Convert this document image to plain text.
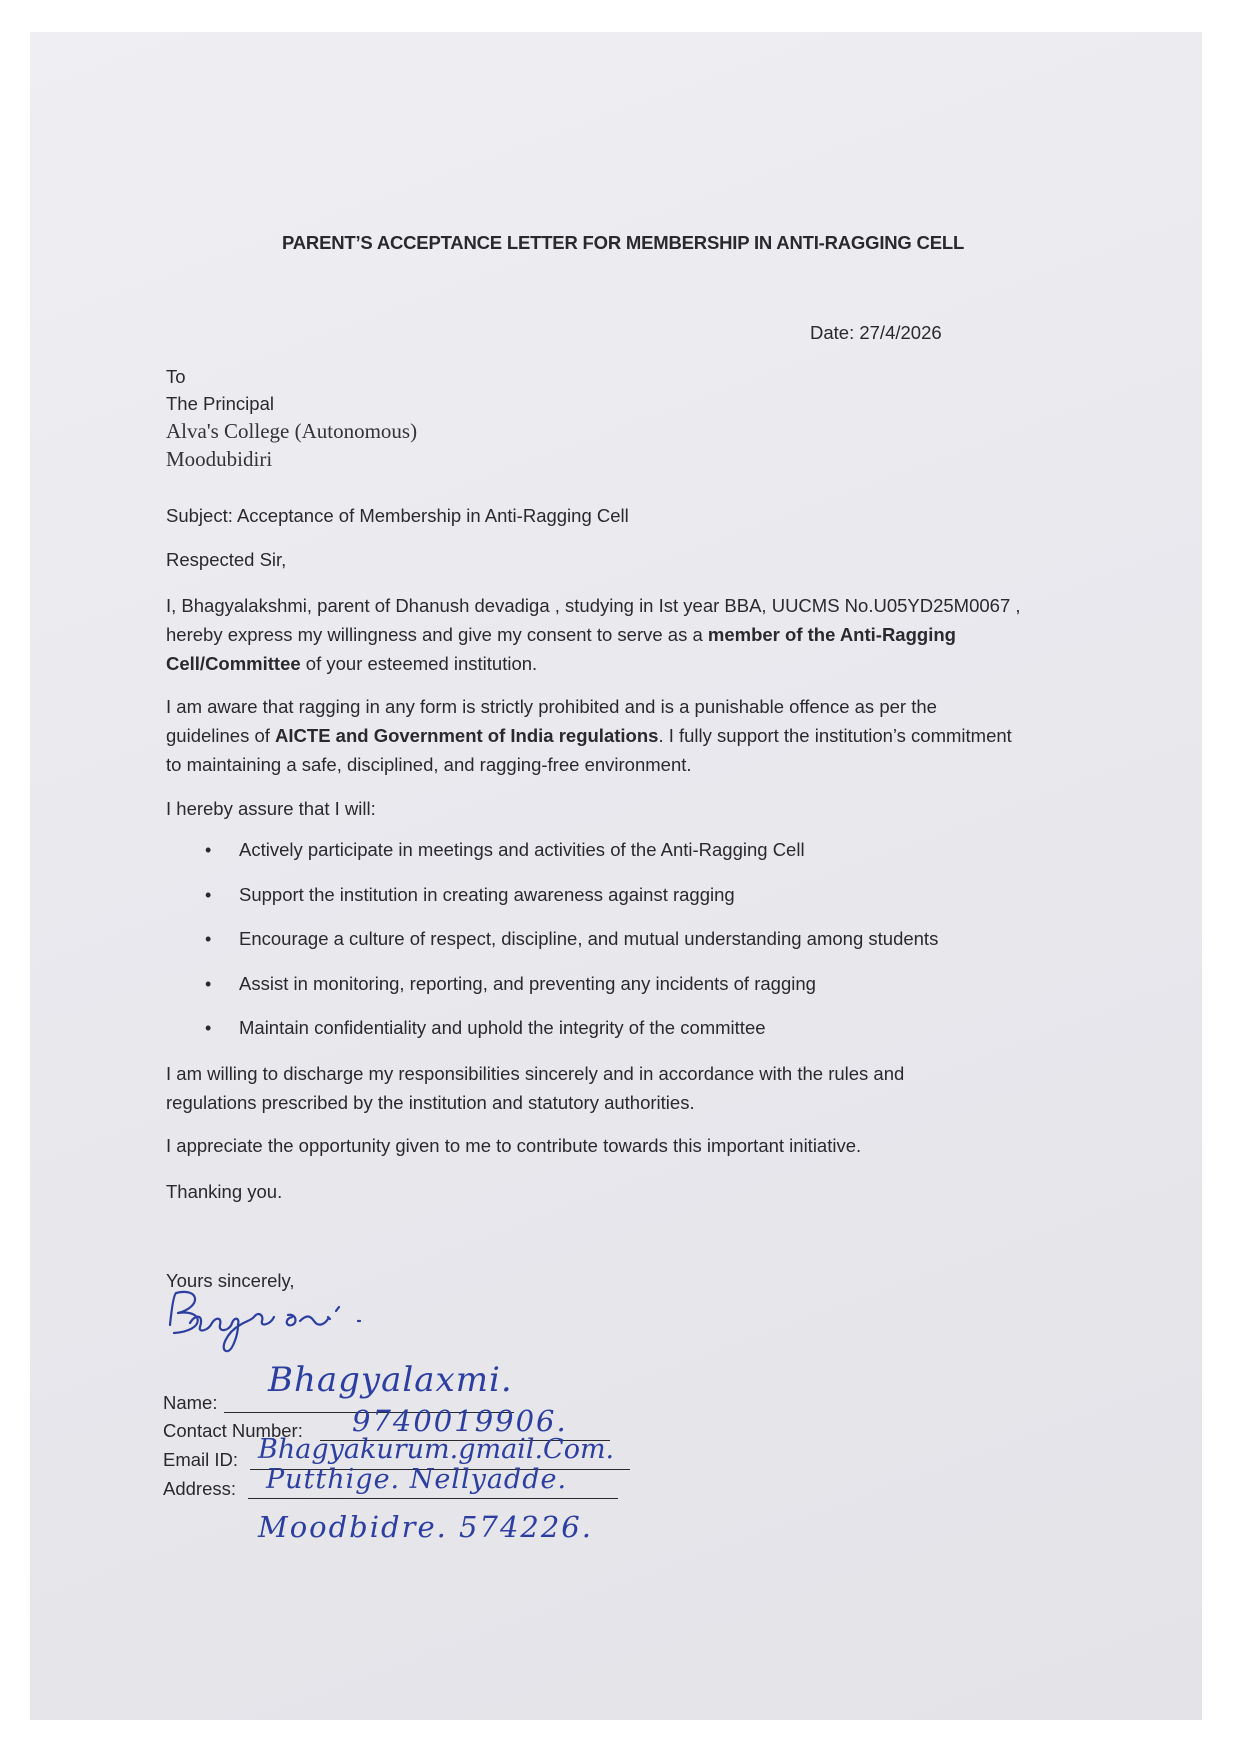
PARENT’S ACCEPTANCE LETTER FOR MEMBERSHIP IN ANTI-RAGGING CELL
Date: 27/4/2026
To
The Principal
Alva's College (Autonomous)
Moodubidiri
Subject: Acceptance of Membership in Anti-Ragging Cell
Respected Sir,
I, Bhagyalakshmi, parent of Dhanush devadiga , studying in Ist year BBA, UUCMS No.U05YD25M0067 , hereby express my willingness and give my consent to serve as a member of the Anti-Ragging Cell/Committee of your esteemed institution.
I am aware that ragging in any form is strictly prohibited and is a punishable offence as per the guidelines of AICTE and Government of India regulations. I fully support the institution’s commitment to maintaining a safe, disciplined, and ragging-free environment.
I hereby assure that I will:
• Actively participate in meetings and activities of the Anti-Ragging Cell
• Support the institution in creating awareness against ragging
• Encourage a culture of respect, discipline, and mutual understanding among students
• Assist in monitoring, reporting, and preventing any incidents of ragging
• Maintain confidentiality and uphold the integrity of the committee
I am willing to discharge my responsibilities sincerely and in accordance with the rules and regulations prescribed by the institution and statutory authorities.
I appreciate the opportunity given to me to contribute towards this important initiative.
Thanking you.
Yours sincerely,
Name:
Bhagyalaxmi.
Contact Number: 9740019906.
Email ID: Bhagyakurum.gmail.Com.
Address: Putthige. Nellyadde.
Moodbidre. 574226.
